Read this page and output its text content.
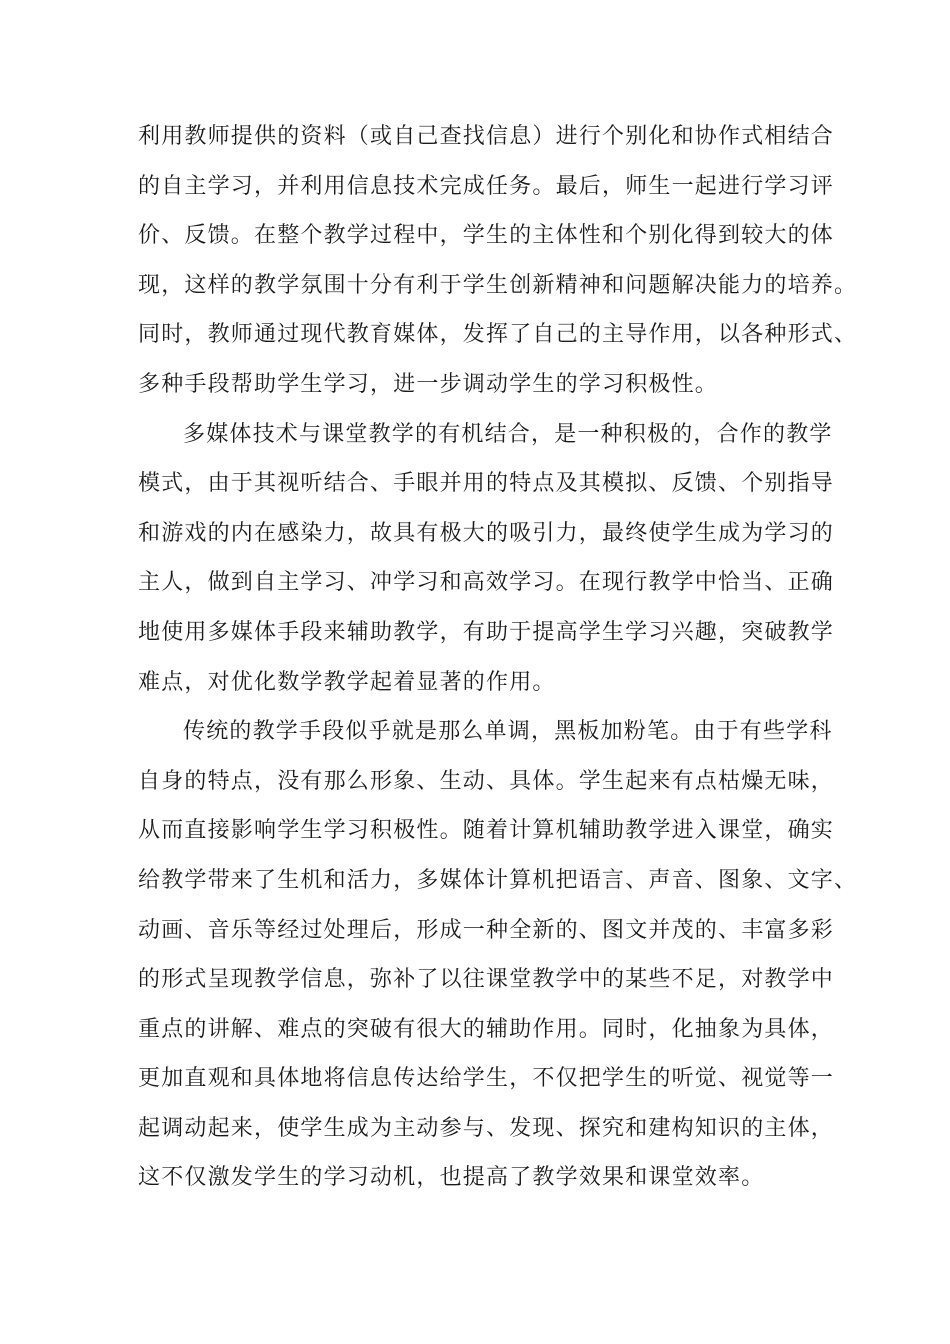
利用教师提供的资料（或自己查找信息）进行个别化和协作式相结合
的自主学习，并利用信息技术完成任务。最后，师生一起进行学习评
价、反馈。在整个教学过程中，学生的主体性和个别化得到较大的体
现，这样的教学氛围十分有利于学生创新精神和问题解决能力的培养。
同时，教师通过现代教育媒体，发挥了自己的主导作用，以各种形式、
多种手段帮助学生学习，进一步调动学生的学习积极性。
多媒体技术与课堂教学的有机结合，是一种积极的，合作的教学
模式，由于其视听结合、手眼并用的特点及其模拟、反馈、个别指导
和游戏的内在感染力，故具有极大的吸引力，最终使学生成为学习的
主人，做到自主学习、冲学习和高效学习。在现行教学中恰当、正确
地使用多媒体手段来辅助教学，有助于提高学生学习兴趣，突破教学
难点，对优化数学教学起着显著的作用。
传统的教学手段似乎就是那么单调，黑板加粉笔。由于有些学科
自身的特点，没有那么形象、生动、具体。学生起来有点枯燥无味，
从而直接影响学生学习积极性。随着计算机辅助教学进入课堂，确实
给教学带来了生机和活力，多媒体计算机把语言、声音、图象、文字、
动画、音乐等经过处理后，形成一种全新的、图文并茂的、丰富多彩
的形式呈现教学信息，弥补了以往课堂教学中的某些不足，对教学中
重点的讲解、难点的突破有很大的辅助作用。同时，化抽象为具体，
更加直观和具体地将信息传达给学生，不仅把学生的听觉、视觉等一
起调动起来，使学生成为主动参与、发现、探究和建构知识的主体，
这不仅激发学生的学习动机，也提高了教学效果和课堂效率。
